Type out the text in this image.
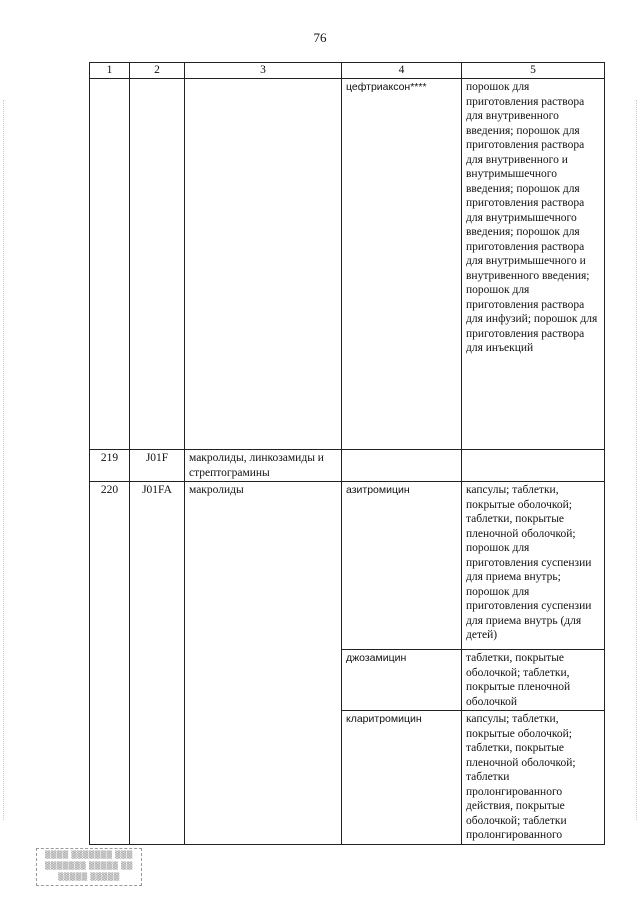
76
1	2	3	4	5
			цефтриаксон****	порошок для приготовления раствора для внутривенного введения; порошок для приготовления раствора для внутривенного и внутримышечного введения; порошок для приготовления раствора для внутримышечного введения; порошок для приготовления раствора для внутримышечного и внутривенного введения; порошок для приготовления раствора для инфузий; порошок для приготовления раствора для инъекций
219	J01F	макролиды, линкозамиды и стрептограмины		
220	J01FA	макролиды	азитромицин	капсулы; таблетки, покрытые оболочкой; таблетки, покрытые пленочной оболочкой; порошок для приготовления суспензии для приема внутрь; порошок для приготовления суспензии для приема внутрь (для детей)
			джозамицин	таблетки, покрытые оболочкой; таблетки, покрытые пленочной оболочкой
			кларитромицин	капсулы; таблетки, покрытые оболочкой; таблетки, покрытые пленочной оболочкой; таблетки пролонгированного действия, покрытые оболочкой; таблетки пролонгированного
▒▒▒▒ ▒▒▒▒▒▒▒ ▒▒▒
▒▒▒▒▒▒▒ ▒▒▒▒▒ ▒▒
▒▒▒▒▒ ▒▒▒▒▒
